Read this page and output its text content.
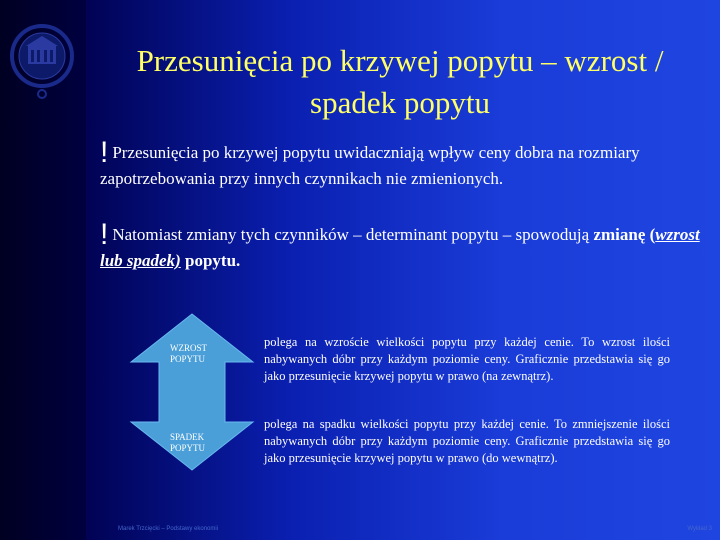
Przesunięcia po krzywej popytu – wzrost / spadek popytu
! Przesunięcia po krzywej popytu uwidaczniają wpływ ceny dobra na rozmiary zapotrzebowania przy innych czynnikach nie zmienionych.
! Natomiast zmiany tych czynników – determinant popytu – spowodują zmianę (wzrost lub spadek) popytu.
WZROST POPYTU
SPADEK POPYTU
polega na wzroście wielkości popytu przy każdej cenie. To wzrost ilości nabywanych dóbr przy każdym poziomie ceny. Graficznie przedstawia się go jako przesunięcie krzywej popytu w prawo (na zewnątrz).
polega na spadku wielkości popytu przy każdej cenie. To zmniejszenie ilości nabywanych dóbr przy każdym poziomie ceny. Graficznie przedstawia się go jako przesunięcie krzywej popytu w prawo (do wewnątrz).
Marek Trzcięcki – Podstawy ekonomii	Wykład 3
